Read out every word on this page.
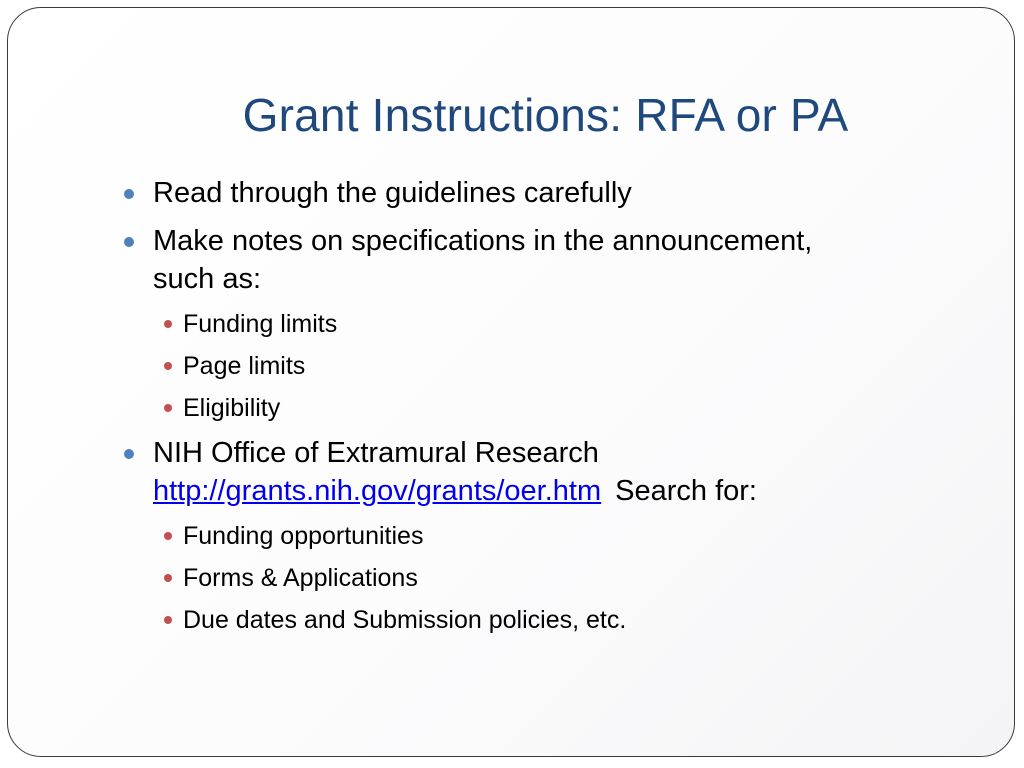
Grant Instructions: RFA or PA
Read through the guidelines carefully
Make notes on specifications in the announcement,
such as:
Funding limits
Page limits
Eligibility
NIH Office of Extramural Research
http://grants.nih.gov/grants/oer.htm Search for:
Funding opportunities
Forms & Applications
Due dates and Submission policies, etc.
